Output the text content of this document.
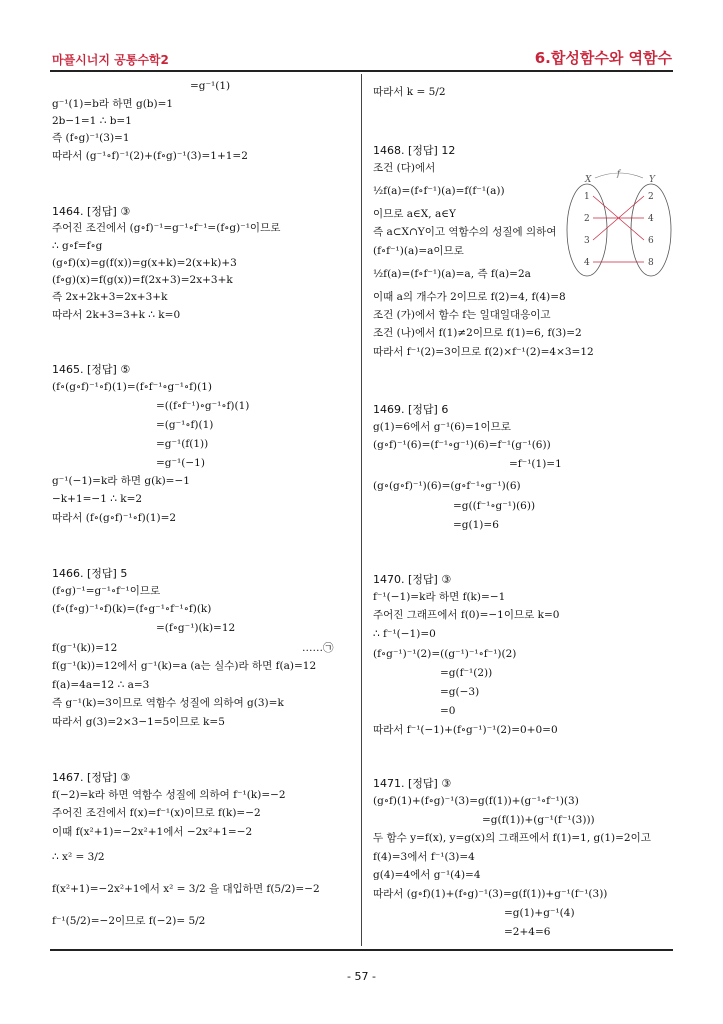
마플시너지 공통수학2	6.합성함수와 역함수
- 57 -
=g⁻¹(1)
g⁻¹(1)=b라 하면 g(b)=1
2b−1=1 ∴ b=1
즉 (f∘g)⁻¹(3)=1
따라서 (g⁻¹∘f)⁻¹(2)+(f∘g)⁻¹(3)=1+1=2
1464. [정답] ③
주어진 조건에서 (g∘f)⁻¹=g⁻¹∘f⁻¹=(f∘g)⁻¹이므로
∴ g∘f=f∘g
(g∘f)(x)=g(f(x))=g(x+k)=2(x+k)+3
(f∘g)(x)=f(g(x))=f(2x+3)=2x+3+k
즉 2x+2k+3=2x+3+k
따라서 2k+3=3+k ∴ k=0
1465. [정답] ⑤
(f∘(g∘f)⁻¹∘f)(1)=(f∘f⁻¹∘g⁻¹∘f)(1)
=((f∘f⁻¹)∘g⁻¹∘f)(1)
=(g⁻¹∘f)(1)
=g⁻¹(f(1))
=g⁻¹(−1)
g⁻¹(−1)=k라 하면 g(k)=−1
−k+1=−1 ∴ k=2
따라서 (f∘(g∘f)⁻¹∘f)(1)=2
1466. [정답] 5
(f∘g)⁻¹=g⁻¹∘f⁻¹이므로
(f∘(f∘g)⁻¹∘f)(k)=(f∘g⁻¹∘f⁻¹∘f)(k)
=(f∘g⁻¹)(k)=12
f(g⁻¹(k))=12	……㉠
f(g⁻¹(k))=12에서 g⁻¹(k)=a (a는 실수)라 하면 f(a)=12
f(a)=4a=12 ∴ a=3
즉 g⁻¹(k)=3이므로 역함수 성질에 의하여 g(3)=k
따라서 g(3)=2×3−1=5이므로 k=5
1467. [정답] ③
f(−2)=k라 하면 역함수 성질에 의하여 f⁻¹(k)=−2
주어진 조건에서 f(x)=f⁻¹(x)이므로 f(k)=−2
이때 f(x²+1)=−2x²+1에서 −2x²+1=−2
∴ x² = 3/2
f(x²+1)=−2x²+1에서 x² = 3/2 을 대입하면 f(5/2)=−2
f⁻¹(5/2)=−2이므로 f(−2)= 5/2
따라서 k = 5/2
1468. [정답] 12
조건 (다)에서
½f(a)=(f∘f⁻¹)(a)=f(f⁻¹(a))
이므로 a∈X, a∈Y
즉 a⊂X∩Y이고 역함수의 성질에 의하여
(f∘f⁻¹)(a)=a이므로
½f(a)=(f∘f⁻¹)(a)=a, 즉 f(a)=2a
이때 a의 개수가 2이므로 f(2)=4, f(4)=8
조건 (가)에서 함수 f는 일대일대응이고
조건 (나)에서 f(1)≠2이므로 f(1)=6, f(3)=2
따라서 f⁻¹(2)=3이므로 f(2)×f⁻¹(2)=4×3=12
1469. [정답] 6
g(1)=6에서 g⁻¹(6)=1이므로
(g∘f)⁻¹(6)=(f⁻¹∘g⁻¹)(6)=f⁻¹(g⁻¹(6))
=f⁻¹(1)=1
(g∘(g∘f)⁻¹)(6)=(g∘f⁻¹∘g⁻¹)(6)
=g((f⁻¹∘g⁻¹)(6))
=g(1)=6
1470. [정답] ③
f⁻¹(−1)=k라 하면 f(k)=−1
주어진 그래프에서 f(0)=−1이므로 k=0
∴ f⁻¹(−1)=0
(f∘g⁻¹)⁻¹(2)=((g⁻¹)⁻¹∘f⁻¹)(2)
=g(f⁻¹(2))
=g(−3)
=0
따라서 f⁻¹(−1)+(f∘g⁻¹)⁻¹(2)=0+0=0
1471. [정답] ③
(g∘f)(1)+(f∘g)⁻¹(3)=g(f(1))+(g⁻¹∘f⁻¹)(3)
=g(f(1))+(g⁻¹(f⁻¹(3)))
두 함수 y=f(x), y=g(x)의 그래프에서 f(1)=1, g(1)=2이고
f(4)=3에서 f⁻¹(3)=4
g(4)=4에서 g⁻¹(4)=4
따라서 (g∘f)(1)+(f∘g)⁻¹(3)=g(f(1))+g⁻¹(f⁻¹(3))
=g(1)+g⁻¹(4)
=2+4=6
X	Y
f
1
2
3
4
2
4
6
8
